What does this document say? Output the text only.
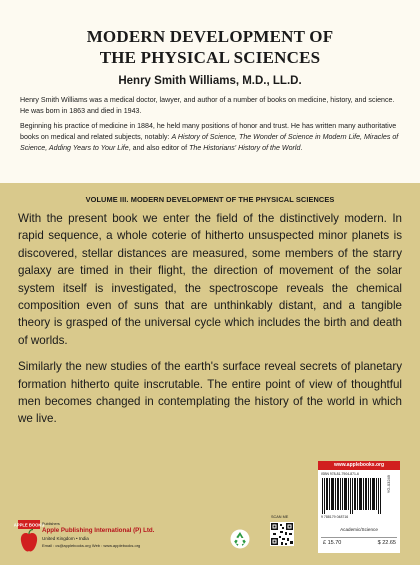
MODERN DEVELOPMENT OF
THE PHYSICAL SCIENCES
Henry Smith Williams, M.D., LL.D.

Henry Smith Williams was a medical doctor, lawyer, and author of a number of books on medicine, history, and science. He was born in 1863 and died in 1943.

Beginning his practice of medicine in 1884, he held many positions of honor and trust. He has written many authoritative books on medical and related subjects, notably: A History of Science, The Wonder of Science in Modern Life, Miracles of Science, Adding Years to Your Life, and also editor of The Historians' History of the World.

VOLUME III. MODERN DEVELOPMENT OF THE PHYSICAL SCIENCES

With the present book we enter the field of the distinctively modern. In rapid sequence, a whole coterie of hitherto unsuspected minor planets is discovered, stellar distances are measured, some members of the starry galaxy are timed in their flight, the direction of movement of the solar system itself is investigated, the spectroscope reveals the chemical composition even of suns that are unthinkably distant, and a tangible theory is grasped of the universal cycle which includes the birth and death of worlds.

Similarly the new studies of the earth's surface reveal secrets of planetary formation hitherto quite inscrutable. The entire point of view of thoughtful men becomes changed in contemplating the history of the world in which we live.

APPLE BOOKS
Publishers
Apple Publishing International (P) Ltd.
United Kingdom • India
Email : cs@applebooks.org Web : www.applebooks.org
SCAN ME
www.applebooks.org
ISBN 978-81-7904-871-6
9 788179 048716
YG-03249
Academic/Science
£ 15.70	$ 22.65
